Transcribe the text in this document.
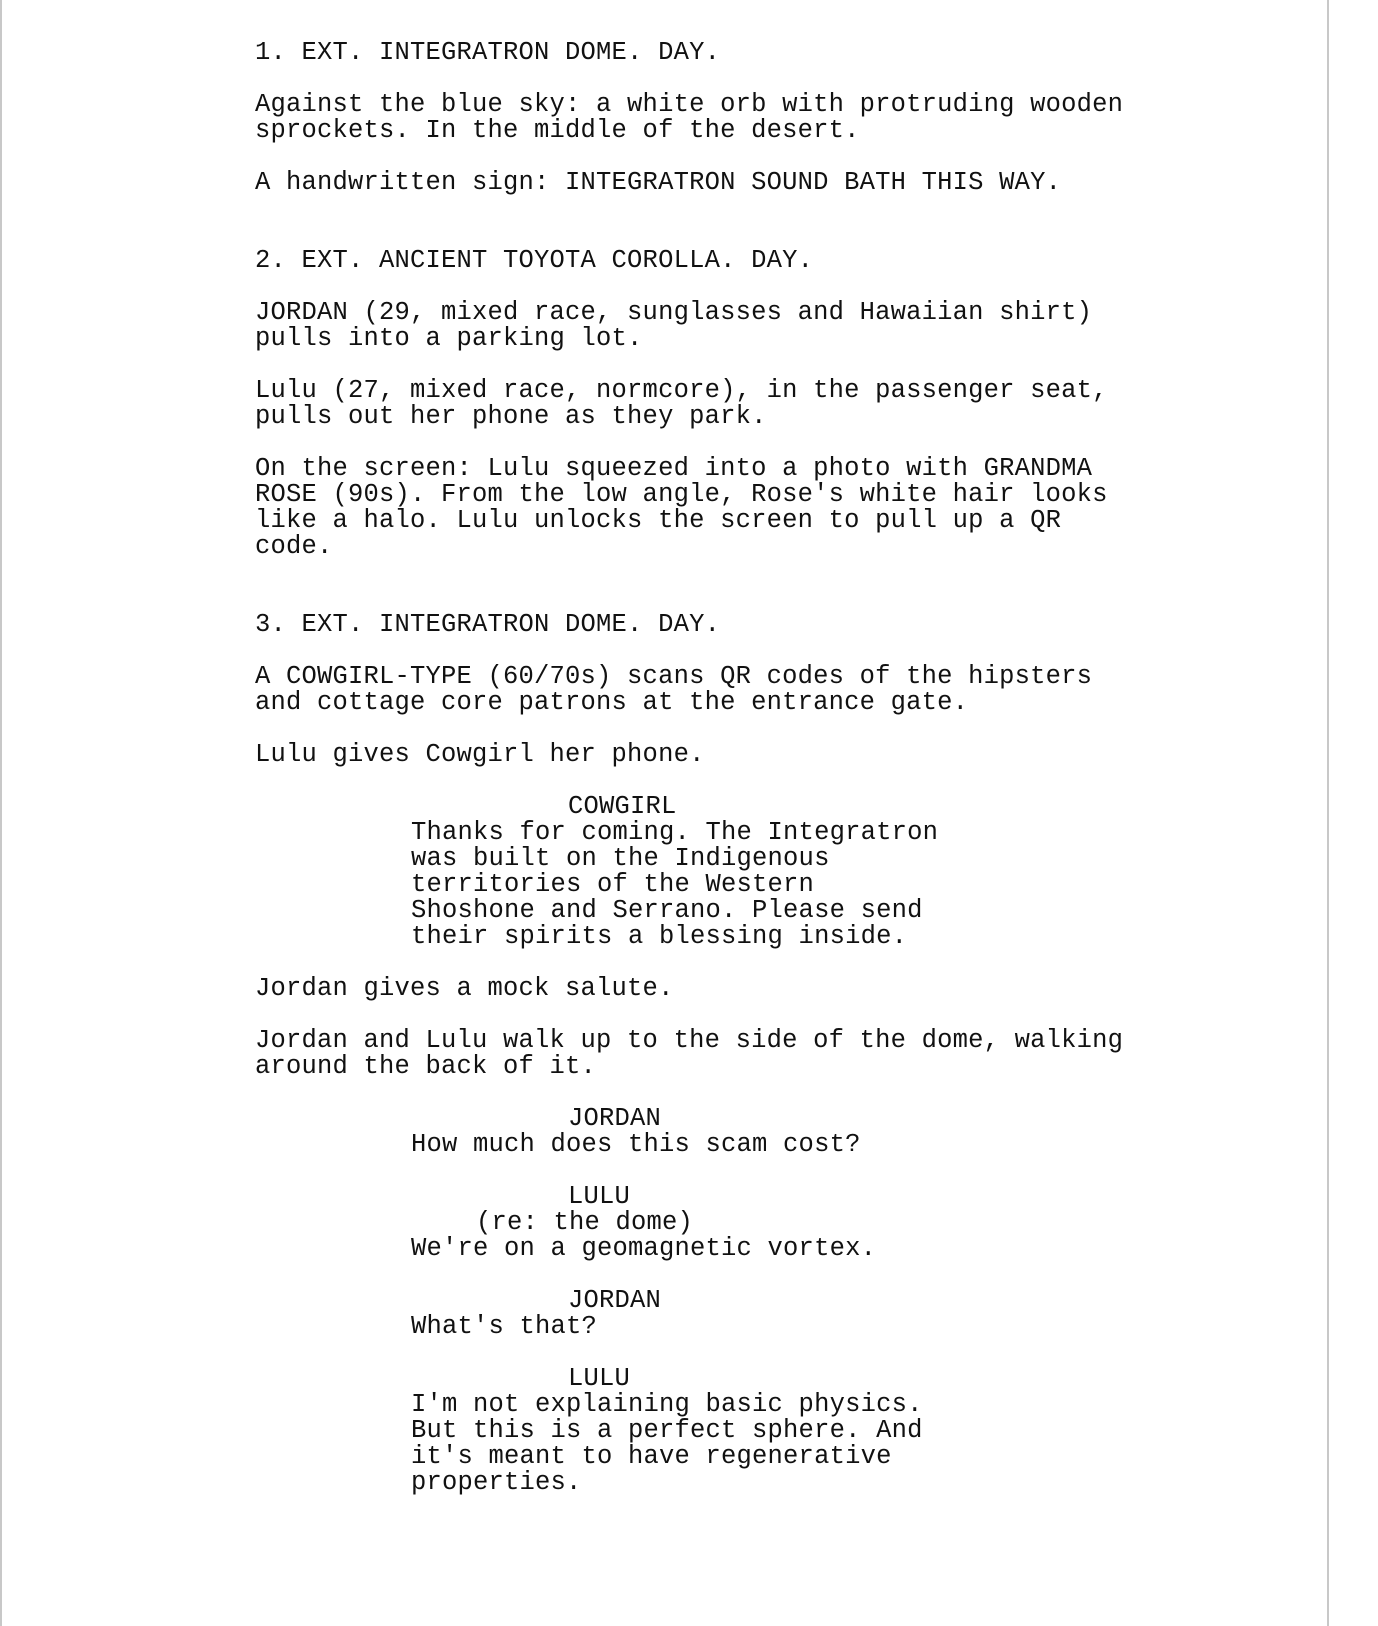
1. EXT. INTEGRATRON DOME. DAY.
Against the blue sky: a white orb with protruding wooden
sprockets. In the middle of the desert.
A handwritten sign: INTEGRATRON SOUND BATH THIS WAY.
2. EXT. ANCIENT TOYOTA COROLLA. DAY.
JORDAN (29, mixed race, sunglasses and Hawaiian shirt)
pulls into a parking lot.
Lulu (27, mixed race, normcore), in the passenger seat,
pulls out her phone as they park.
On the screen: Lulu squeezed into a photo with GRANDMA
ROSE (90s). From the low angle, Rose's white hair looks
like a halo. Lulu unlocks the screen to pull up a QR
code.
3. EXT. INTEGRATRON DOME. DAY.
A COWGIRL-TYPE (60/70s) scans QR codes of the hipsters
and cottage core patrons at the entrance gate.
Lulu gives Cowgirl her phone.
COWGIRL
Thanks for coming. The Integratron
was built on the Indigenous
territories of the Western
Shoshone and Serrano. Please send
their spirits a blessing inside.
Jordan gives a mock salute.
Jordan and Lulu walk up to the side of the dome, walking
around the back of it.
JORDAN
How much does this scam cost?
LULU
(re: the dome)
We're on a geomagnetic vortex.
JORDAN
What's that?
LULU
I'm not explaining basic physics.
But this is a perfect sphere. And
it's meant to have regenerative
properties.
